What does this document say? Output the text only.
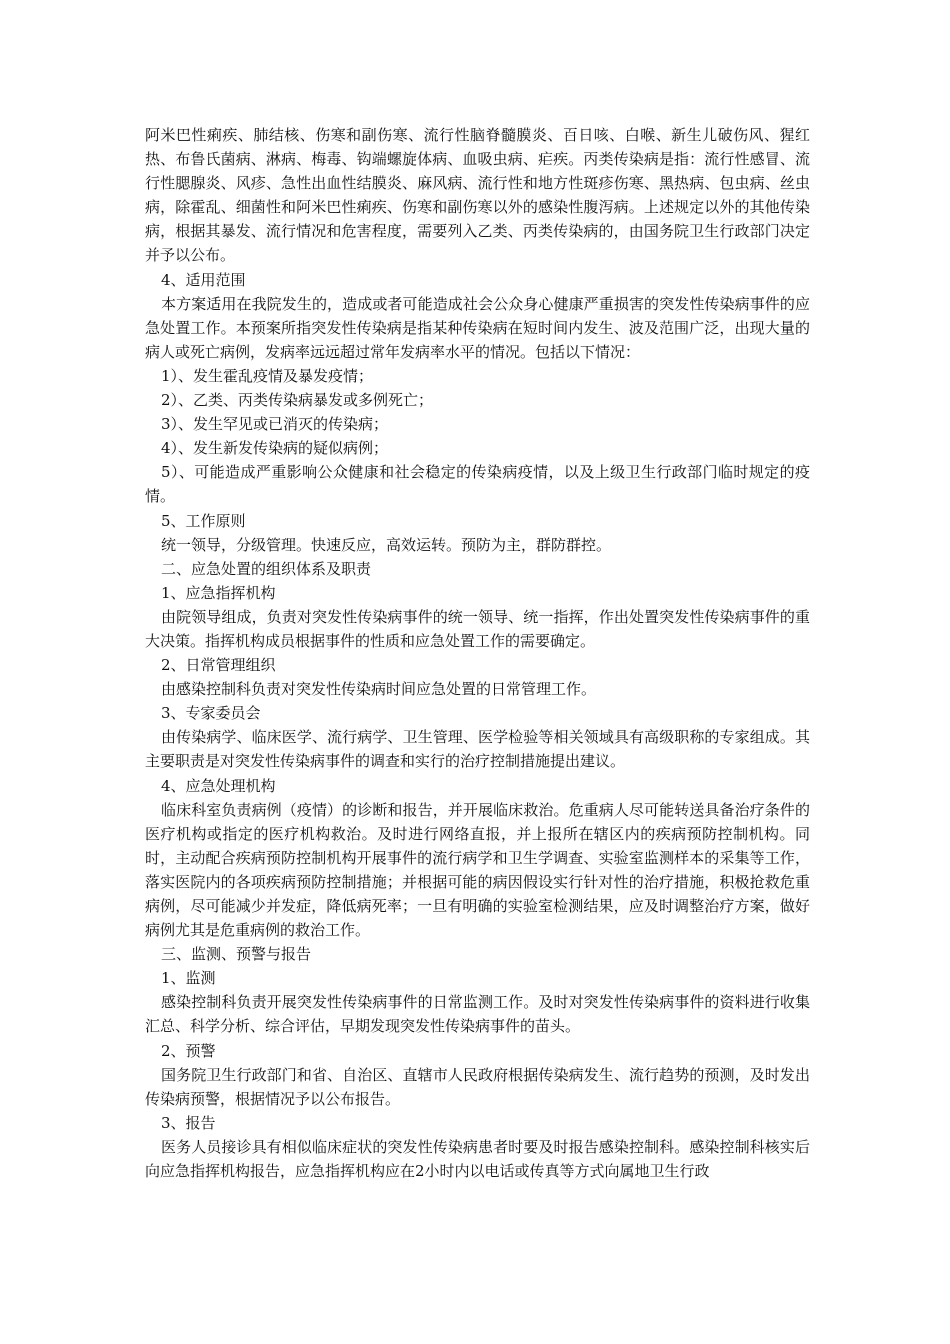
阿米巴性痢疾、肺结核、伤寒和副伤寒、流行性脑脊髓膜炎、百日咳、白喉、新生儿破伤风、猩红热、布鲁氏菌病、淋病、梅毒、钩端螺旋体病、血吸虫病、疟疾。丙类传染病是指：流行性感冒、流行性腮腺炎、风疹、急性出血性结膜炎、麻风病、流行性和地方性斑疹伤寒、黑热病、包虫病、丝虫病，除霍乱、细菌性和阿米巴性痢疾、伤寒和副伤寒以外的感染性腹泻病。上述规定以外的其他传染病，根据其暴发、流行情况和危害程度，需要列入乙类、丙类传染病的，由国务院卫生行政部门决定并予以公布。

4、适用范围

本方案适用在我院发生的，造成或者可能造成社会公众身心健康严重损害的突发性传染病事件的应急处置工作。本预案所指突发性传染病是指某种传染病在短时间内发生、波及范围广泛，出现大量的病人或死亡病例，发病率远远超过常年发病率水平的情况。包括以下情况：

1）、发生霍乱疫情及暴发疫情；

2）、乙类、丙类传染病暴发或多例死亡；

3）、发生罕见或已消灭的传染病；

4）、发生新发传染病的疑似病例；

5）、可能造成严重影响公众健康和社会稳定的传染病疫情，以及上级卫生行政部门临时规定的疫情。

5、工作原则

统一领导，分级管理。快速反应，高效运转。预防为主，群防群控。

二、应急处置的组织体系及职责

1、应急指挥机构

由院领导组成，负责对突发性传染病事件的统一领导、统一指挥，作出处置突发性传染病事件的重大决策。指挥机构成员根据事件的性质和应急处置工作的需要确定。

2、日常管理组织

由感染控制科负责对突发性传染病时间应急处置的日常管理工作。

3、专家委员会

由传染病学、临床医学、流行病学、卫生管理、医学检验等相关领域具有高级职称的专家组成。其主要职责是对突发性传染病事件的调查和实行的治疗控制措施提出建议。

4、应急处理机构

临床科室负责病例（疫情）的诊断和报告，并开展临床救治。危重病人尽可能转送具备治疗条件的医疗机构或指定的医疗机构救治。及时进行网络直报，并上报所在辖区内的疾病预防控制机构。同时，主动配合疾病预防控制机构开展事件的流行病学和卫生学调查、实验室监测样本的采集等工作，落实医院内的各项疾病预防控制措施；并根据可能的病因假设实行针对性的治疗措施，积极抢救危重病例，尽可能减少并发症，降低病死率；一旦有明确的实验室检测结果，应及时调整治疗方案，做好病例尤其是危重病例的救治工作。

三、监测、预警与报告

1、监测

感染控制科负责开展突发性传染病事件的日常监测工作。及时对突发性传染病事件的资料进行收集汇总、科学分析、综合评估，早期发现突发性传染病事件的苗头。

2、预警

国务院卫生行政部门和省、自治区、直辖市人民政府根据传染病发生、流行趋势的预测，及时发出传染病预警，根据情况予以公布报告。

3、报告

医务人员接诊具有相似临床症状的突发性传染病患者时要及时报告感染控制科。感染控制科核实后向应急指挥机构报告，应急指挥机构应在2小时内以电话或传真等方式向属地卫生行政
